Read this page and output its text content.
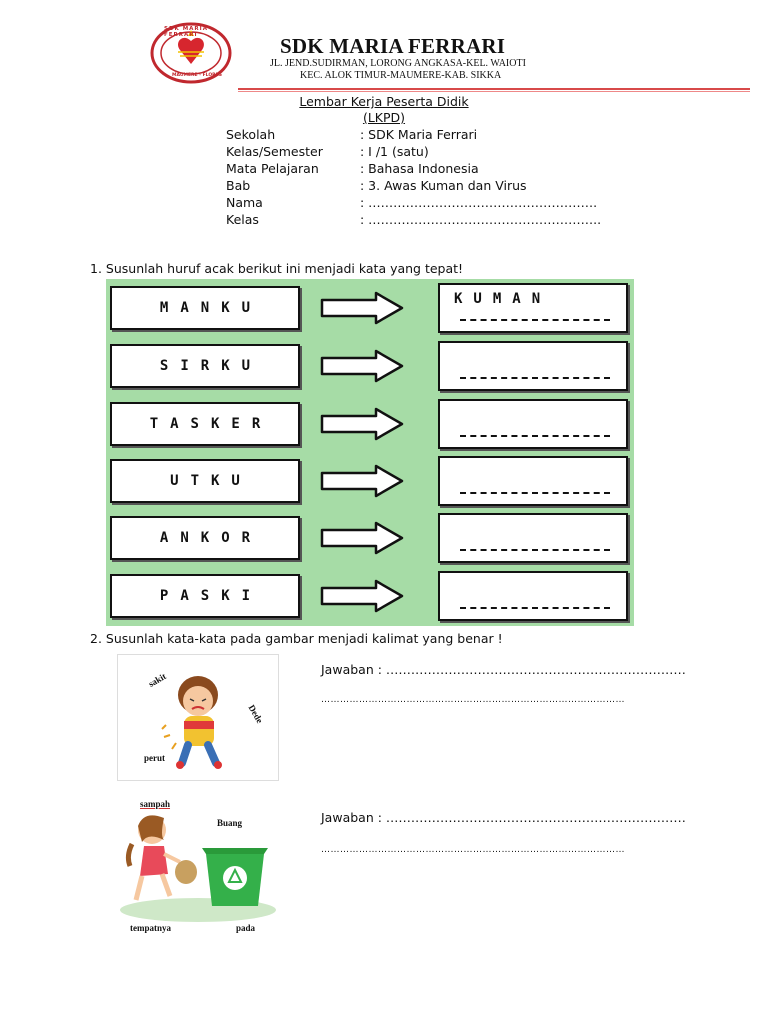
SDK MARIA FERRARI
MAUMERE - FLORES
SDK MARIA FERRARI
JL. JEND.SUDIRMAN, LORONG ANGKASA-KEL. WAIOTI
KEC. ALOK TIMUR-MAUMERE-KAB. SIKKA
Lembar Kerja Peserta Didik
(LKPD)
Sekolah	: SDK Maria Ferrari
Kelas/Semester	: I /1 (satu)
Mata Pelajaran	: Bahasa Indonesia
Bab	: 3. Awas Kuman dan Virus
Nama	: ……………………………………………….
Kelas	: ………………………………………………..
1. Susunlah huruf acak berikut ini menjadi kata yang tepat!
MANKU
KUMAN
SIRKU
TASKER
UTKU
ANKOR
PASKI
2. Susunlah kata-kata pada gambar menjadi kalimat yang benar !
sakit
Dede
perut
Jawaban : ………………………………………………………………
……………………………………………………………………………………
sampah
Buang
tempatnya	pada
Jawaban : ………………………………………………………………
……………………………………………………………………………………
